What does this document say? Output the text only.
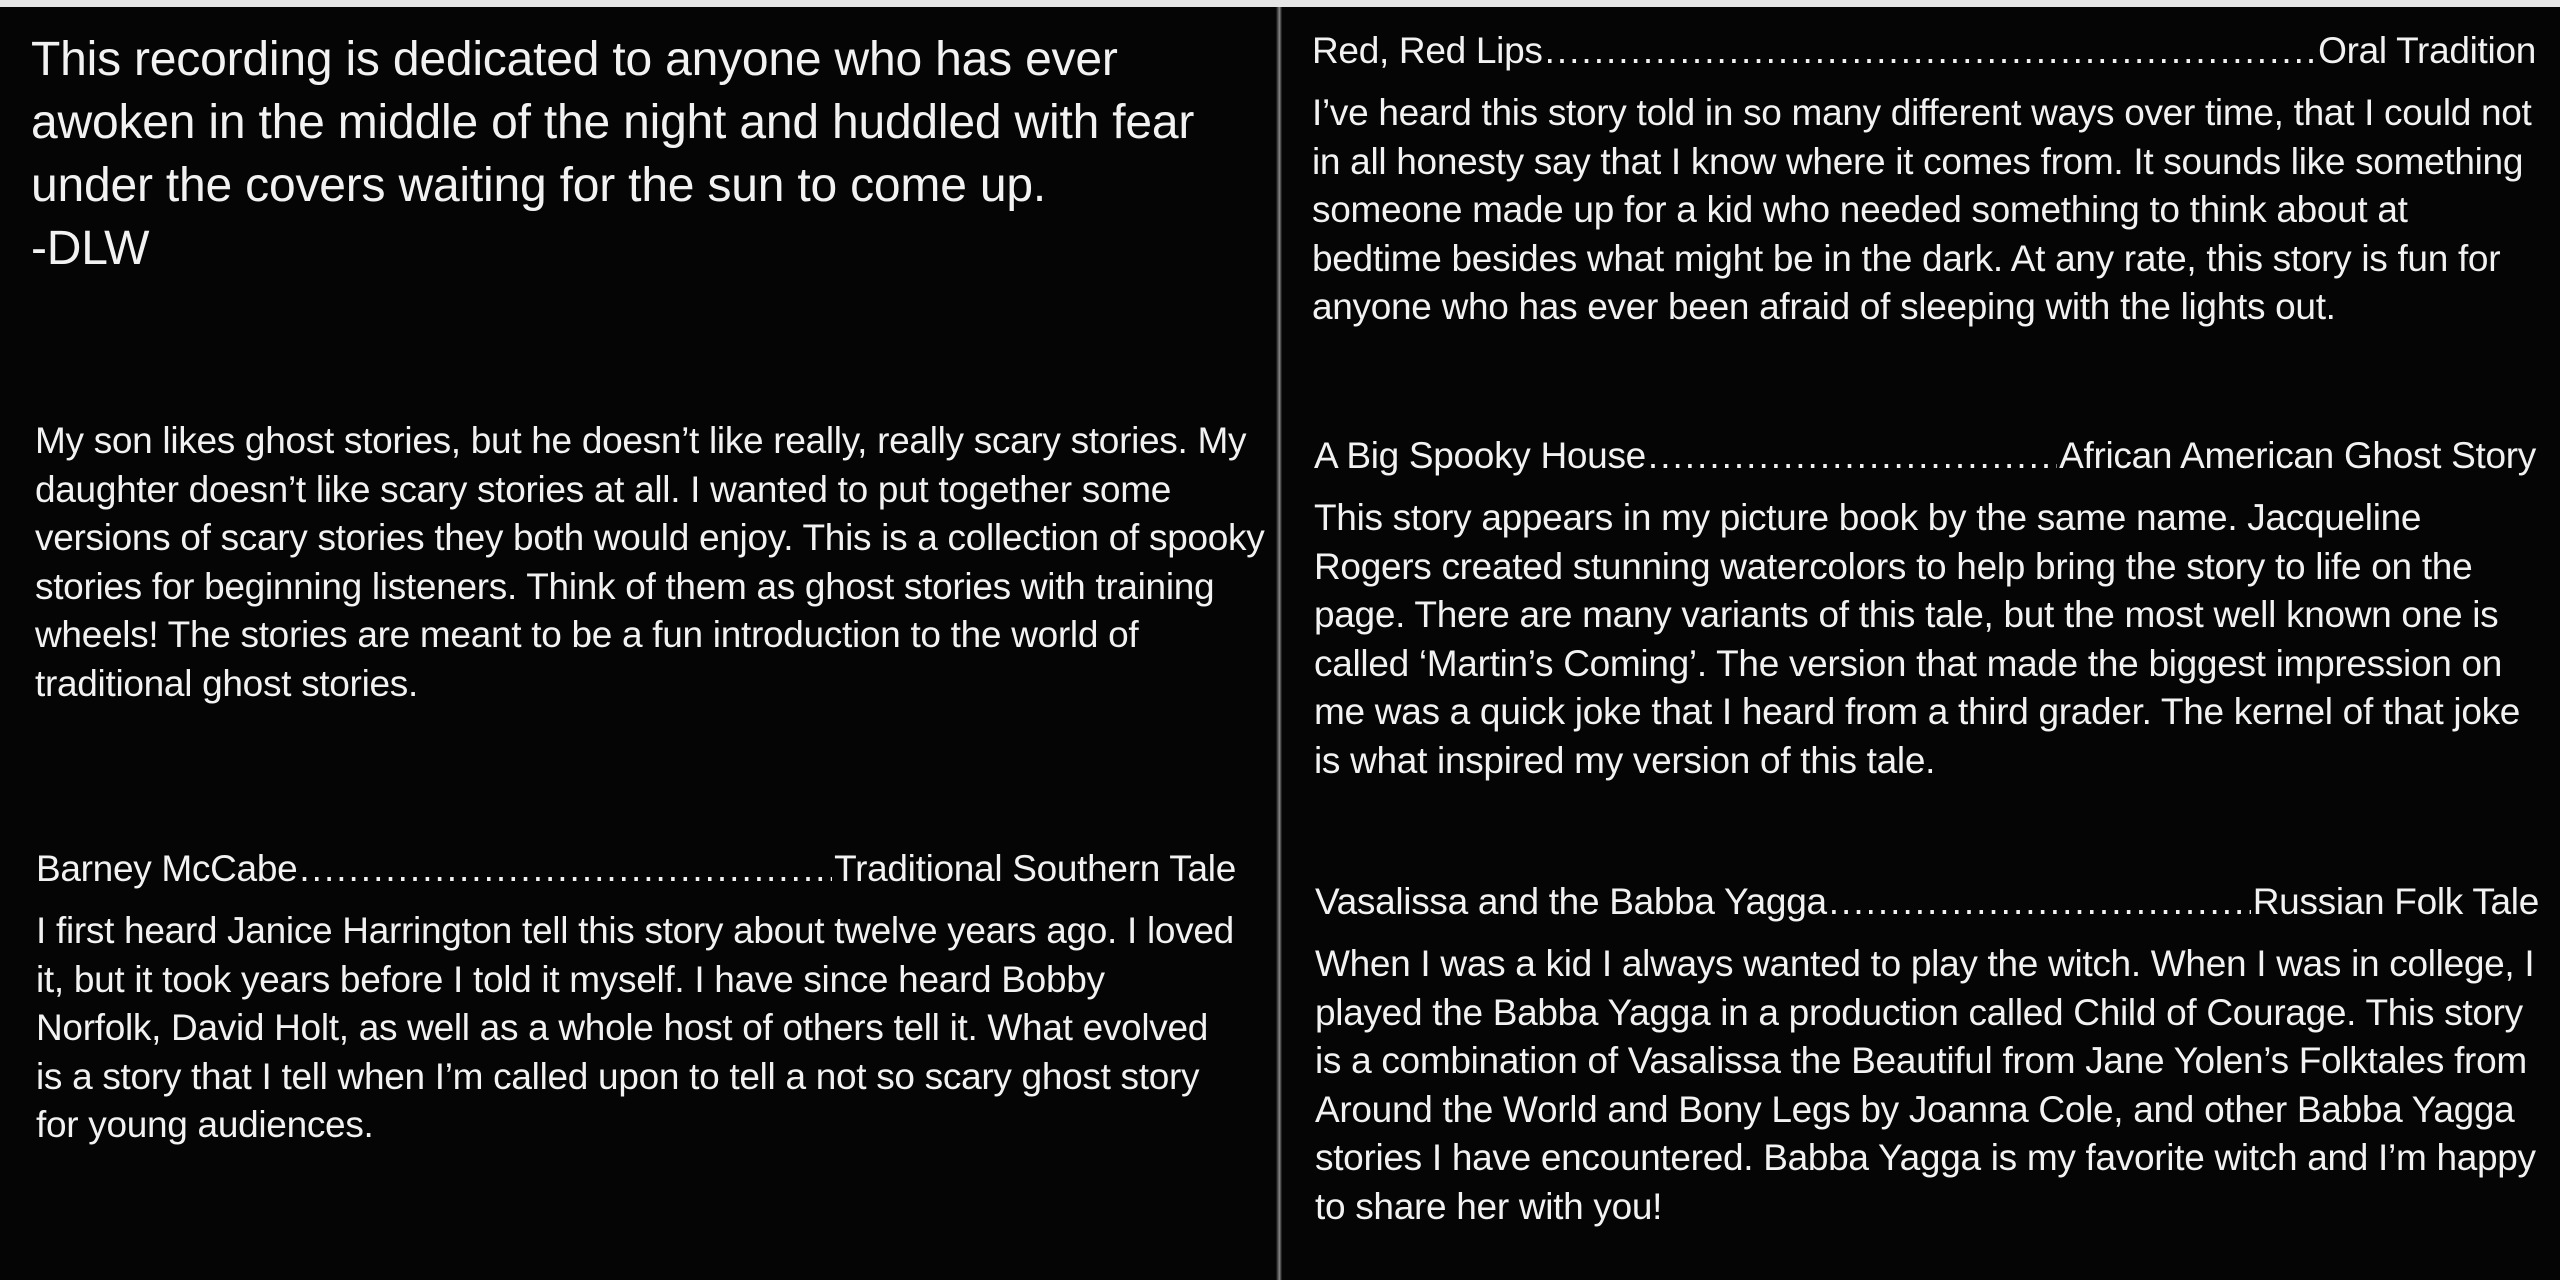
This recording is dedicated to anyone who has ever awoken in the middle of the night and huddled with fear under the covers waiting for the sun to come up.

-DLW

My son likes ghost stories, but he doesn’t like really, really scary stories. My daughter doesn’t like scary stories at all. I wanted to put together some versions of scary stories they both would enjoy. This is a collection of spooky stories for beginning listeners. Think of them as ghost stories with training wheels! The stories are meant to be a fun introduction to the world of traditional ghost stories.
Barney McCabe .....	Traditional Southern Tale

I first heard Janice Harrington tell this story about twelve years ago. I loved it, but it took years before I told it myself. I have since heard Bobby Norfolk, David Holt, as well as a whole host of others tell it. What evolved is a story that I tell when I’m called upon to tell a not so scary ghost story for young audiences.

Red, Red Lips .....	Oral Tradition

I’ve heard this story told in so many different ways over time, that I could not in all honesty say that I know where it comes from. It sounds like something someone made up for a kid who needed something to think about at bedtime besides what might be in the dark. At any rate, this story is fun for anyone who has ever been afraid of sleeping with the lights out.

A Big Spooky House .....	African American Ghost Story

This story appears in my picture book by the same name. Jacqueline Rogers created stunning watercolors to help bring the story to life on the page. There are many variants of this tale, but the most well known one is called ‘Martin’s Coming’. The version that made the biggest impression on me was a quick joke that I heard from a third grader. The kernel of that joke is what inspired my version of this tale.

Vasalissa and the Babba Yagga .....	Russian Folk Tale

When I was a kid I always wanted to play the witch. When I was in college, I played the Babba Yagga in a production called Child of Courage. This story is a combination of Vasalissa the Beautiful from Jane Yolen’s Folktales from Around the World and Bony Legs by Joanna Cole, and other Babba Yagga stories I have encountered. Babba Yagga is my favorite witch and I’m happy to share her with you!
